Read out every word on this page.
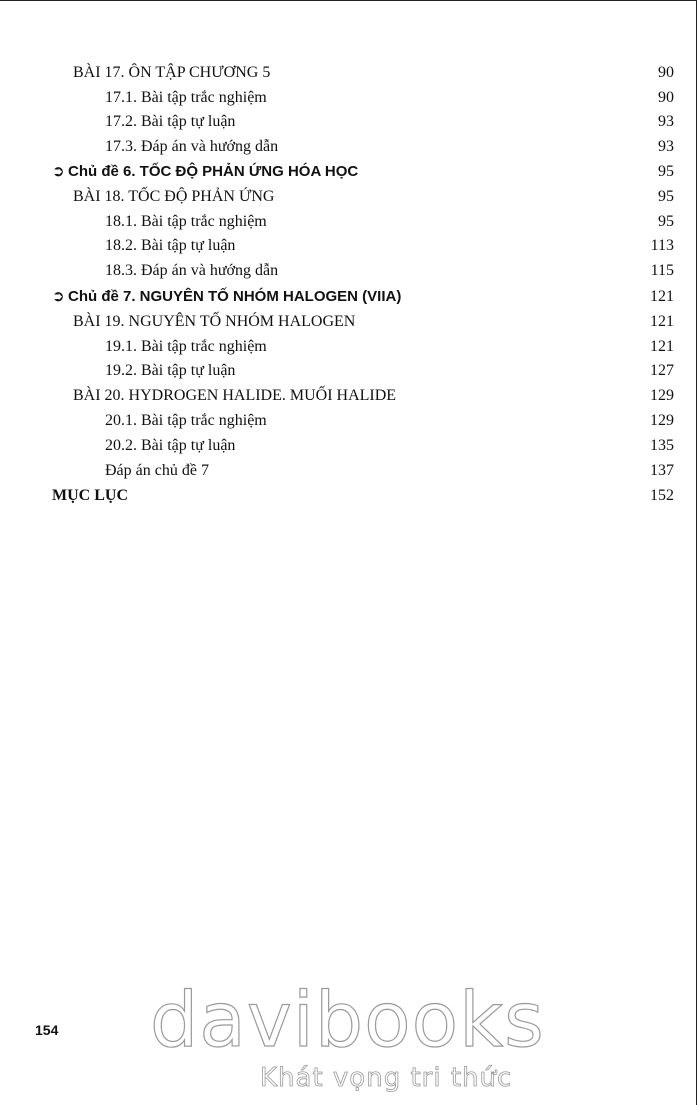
BÀI 17. ÔN TẬP CHƯƠNG 5	90
17.1. Bài tập trắc nghiệm	90
17.2. Bài tập tự luận	93
17.3. Đáp án và hướng dẫn	93
➲ Chủ đề 6. TỐC ĐỘ PHẢN ỨNG HÓA HỌC	95
BÀI 18. TỐC ĐỘ PHẢN ỨNG	95
18.1. Bài tập trắc nghiệm	95
18.2. Bài tập tự luận	113
18.3. Đáp án và hướng dẫn	115
➲ Chủ đề 7. NGUYÊN TỐ NHÓM HALOGEN (VIIA)	121
BÀI 19. NGUYÊN TỐ NHÓM HALOGEN	121
19.1. Bài tập trắc nghiệm	121
19.2. Bài tập tự luận	127
BÀI 20. HYDROGEN HALIDE. MUỐI HALIDE	129
20.1. Bài tập trắc nghiệm	129
20.2. Bài tập tự luận	135
Đáp án chủ đề 7	137
MỤC LỤC	152
154 davibooks
Khát vọng tri thức
